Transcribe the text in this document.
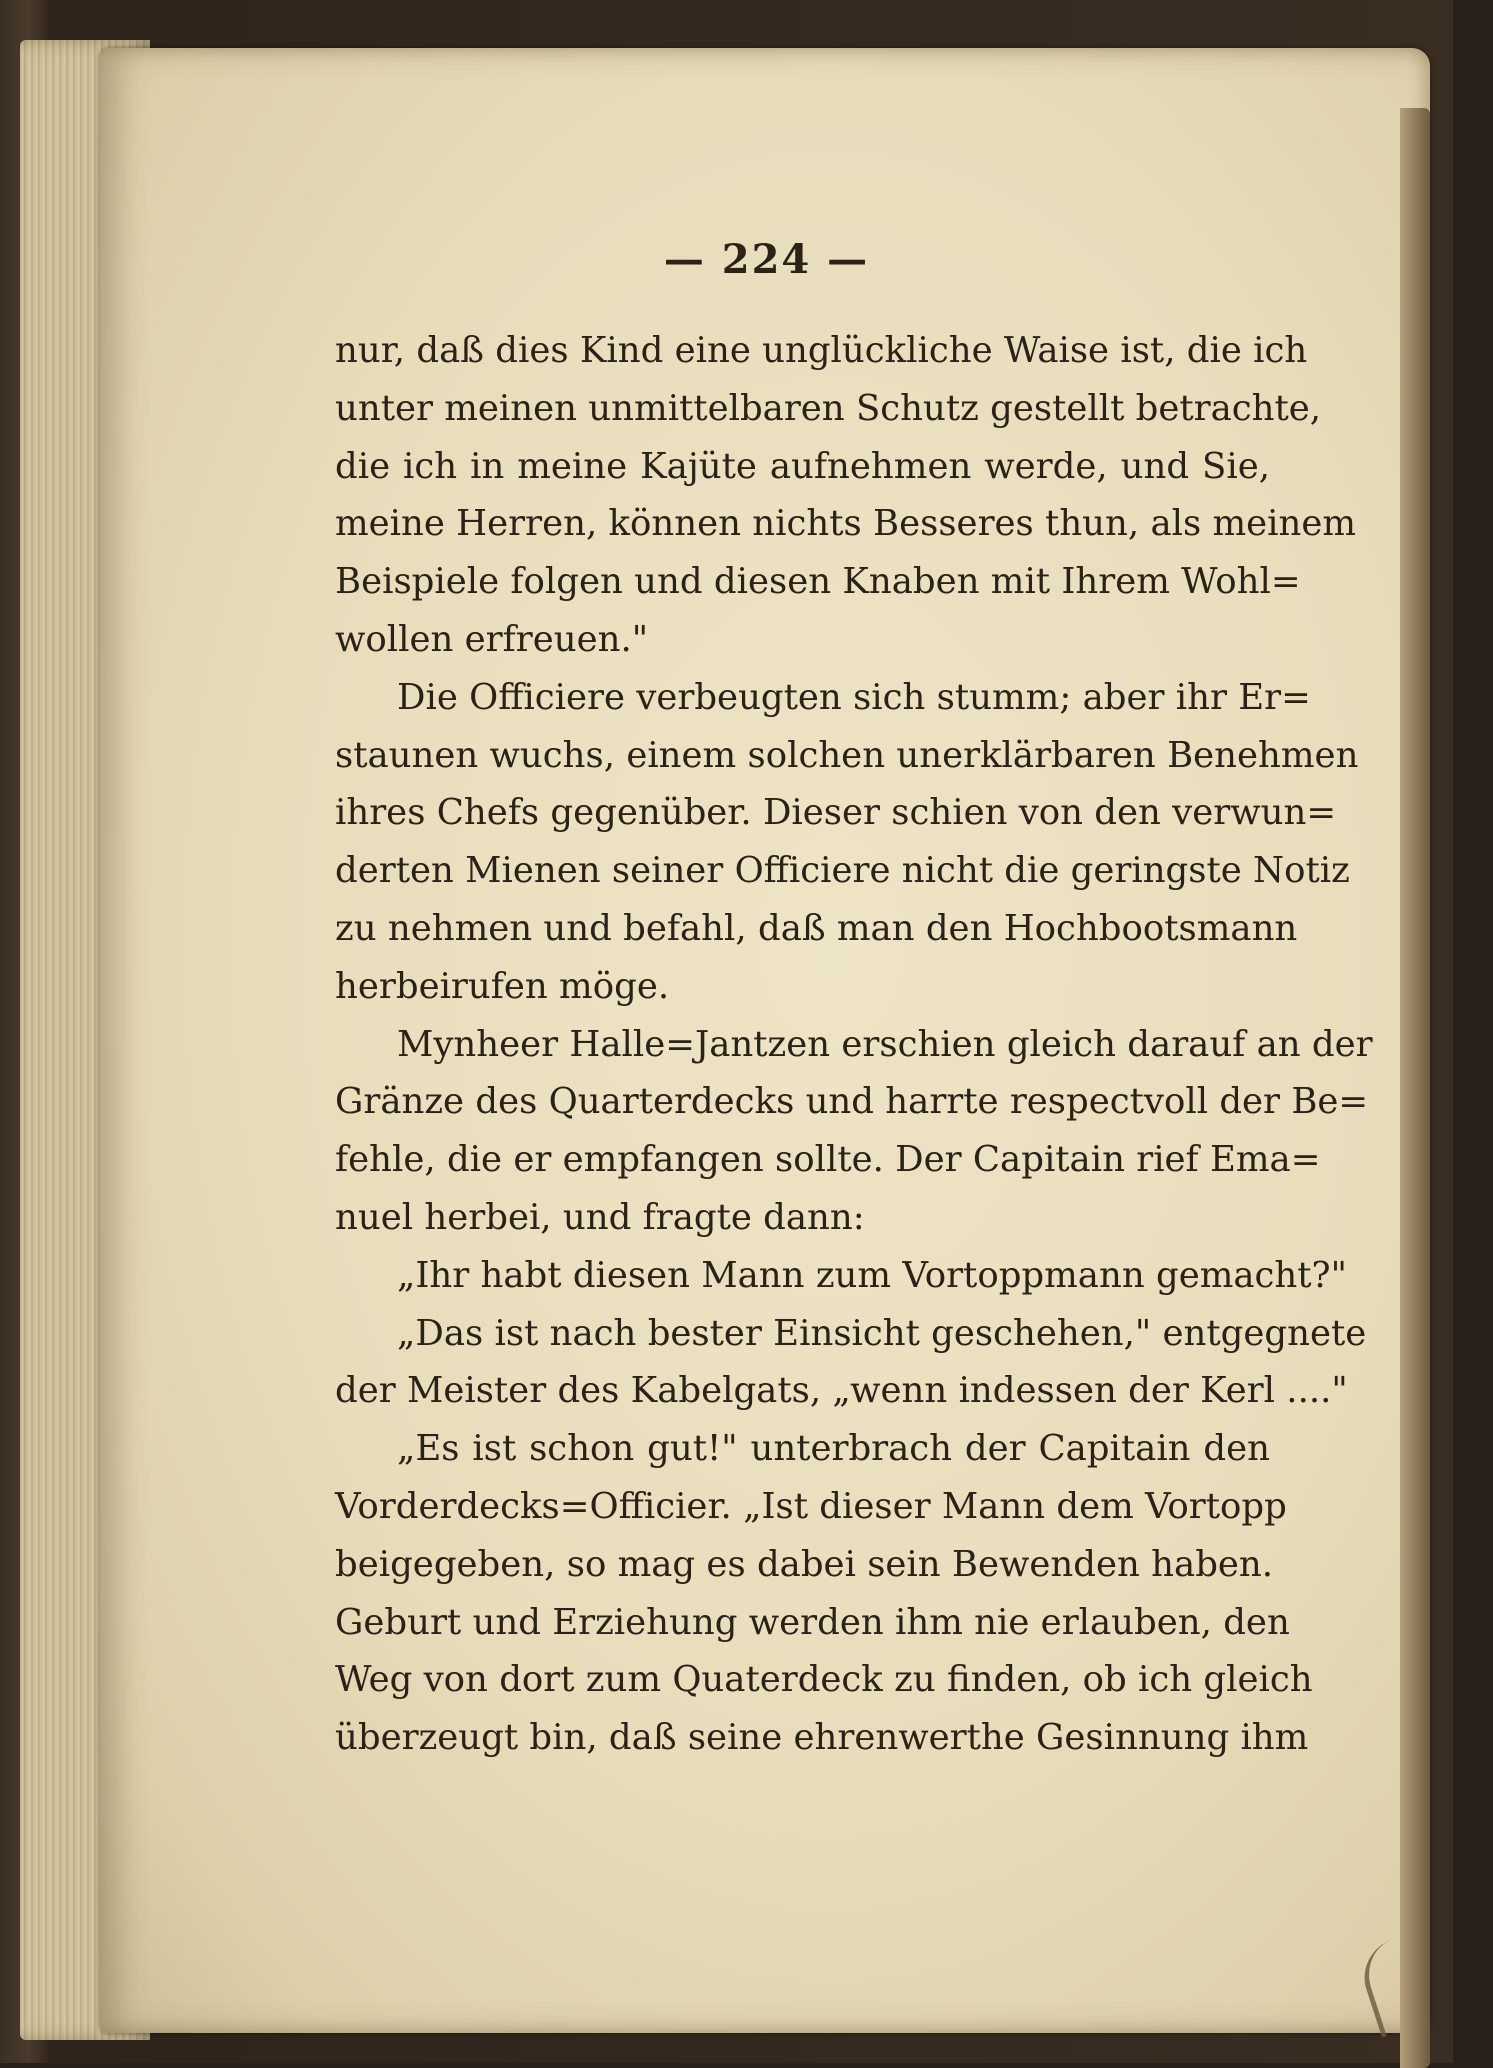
— 224 —
nur, daß dies Kind eine unglückliche Waise ist, die ich
unter meinen unmittelbaren Schutz gestellt betrachte,
die ich in meine Kajüte aufnehmen werde, und Sie,
meine Herren, können nichts Besseres thun, als meinem
Beispiele folgen und diesen Knaben mit Ihrem Wohl=
wollen erfreuen."
Die Officiere verbeugten sich stumm; aber ihr Er=
staunen wuchs, einem solchen unerklärbaren Benehmen
ihres Chefs gegenüber. Dieser schien von den verwun=
derten Mienen seiner Officiere nicht die geringste Notiz
zu nehmen und befahl, daß man den Hochbootsmann
herbeirufen möge.
Mynheer Halle=Jantzen erschien gleich darauf an der
Gränze des Quarterdecks und harrte respectvoll der Be=
fehle, die er empfangen sollte. Der Capitain rief Ema=
nuel herbei, und fragte dann:
„Ihr habt diesen Mann zum Vortoppmann gemacht?"
„Das ist nach bester Einsicht geschehen," entgegnete
der Meister des Kabelgats, „wenn indessen der Kerl ...."
„Es ist schon gut!" unterbrach der Capitain den
Vorderdecks=Officier. „Ist dieser Mann dem Vortopp
beigegeben, so mag es dabei sein Bewenden haben.
Geburt und Erziehung werden ihm nie erlauben, den
Weg von dort zum Quaterdeck zu finden, ob ich gleich
überzeugt bin, daß seine ehrenwerthe Gesinnung ihm
